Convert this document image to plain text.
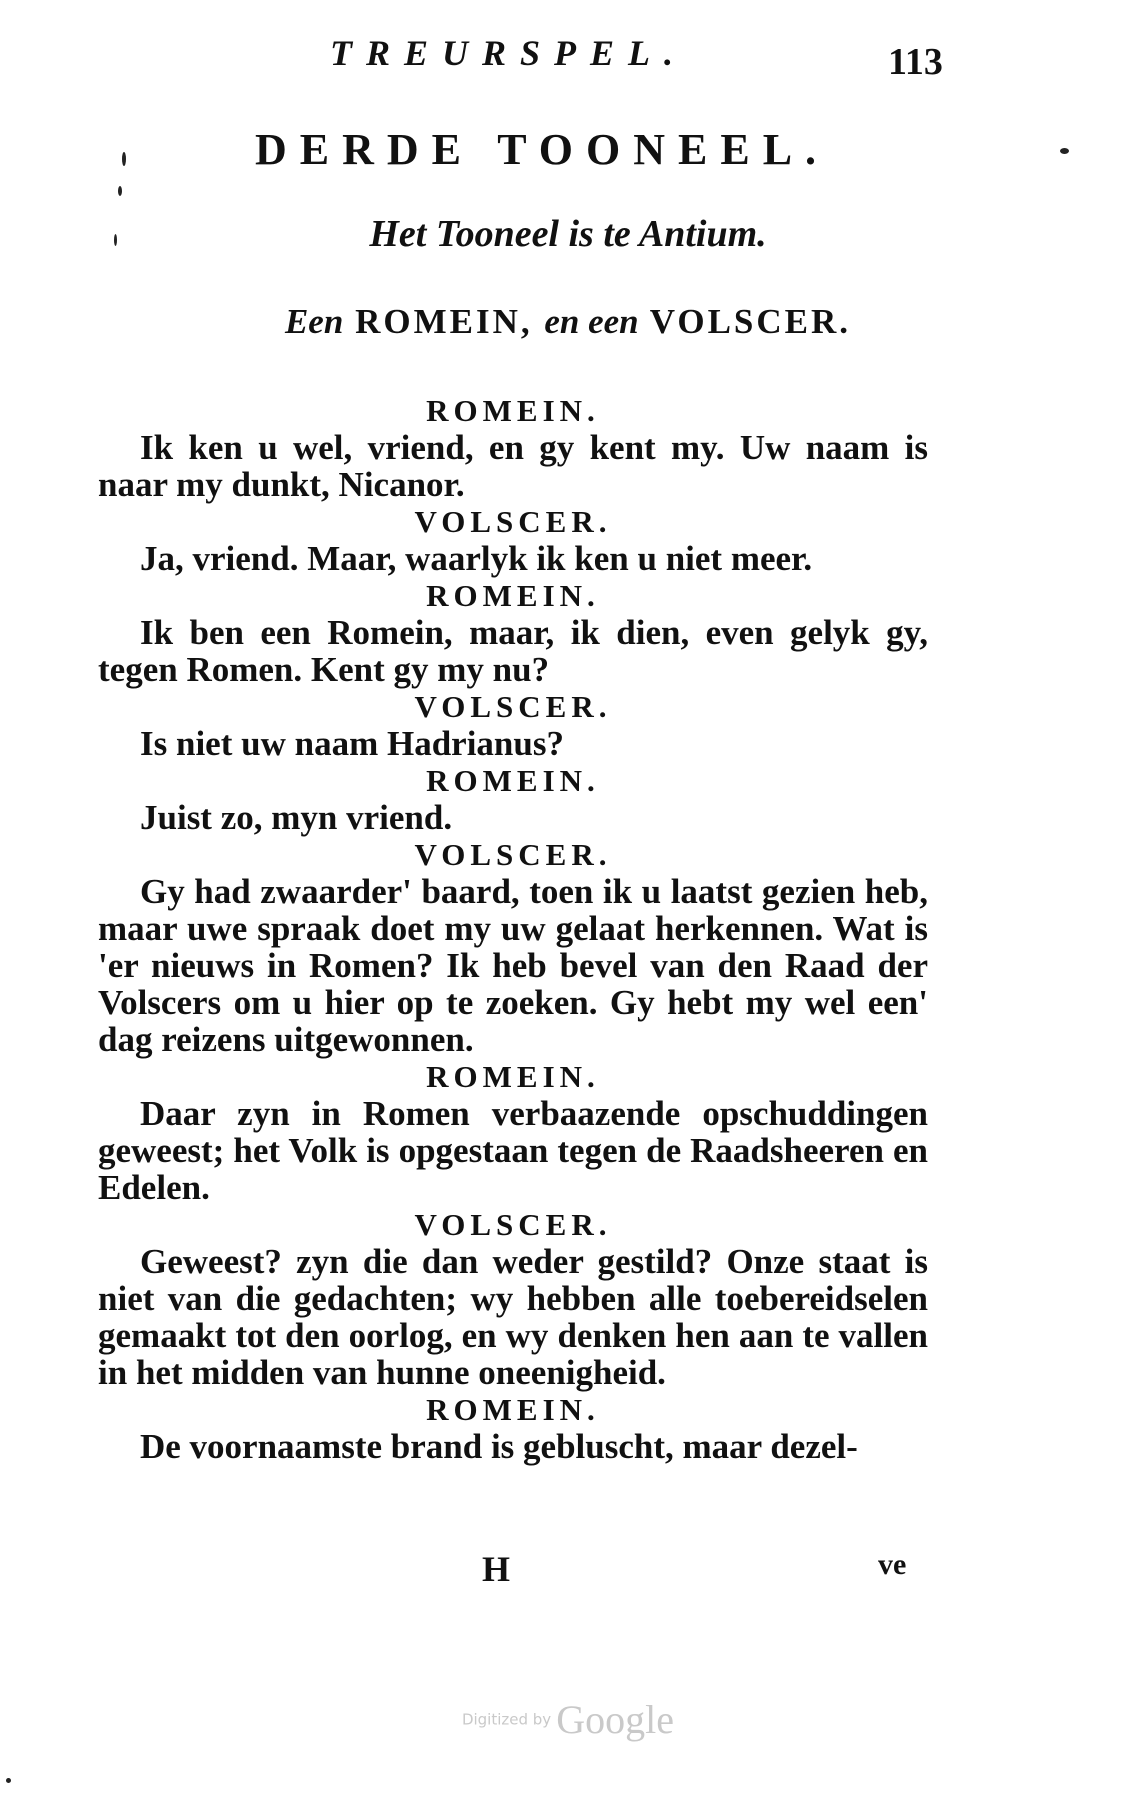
TREURSPEL.	113
DERDE TOONEEL.
Het Tooneel is te Antium.
Een ROMEIN, en een VOLSCER.
ROMEIN.

Ik ken u wel, vriend, en gy kent my. Uw naam is naar my dunkt, Nicanor.

VOLSCER.

Ja, vriend. Maar, waarlyk ik ken u niet meer.

ROMEIN.

Ik ben een Romein, maar, ik dien, even gelyk gy, tegen Romen. Kent gy my nu?

VOLSCER.

Is niet uw naam Hadrianus?

ROMEIN.

Juist zo, myn vriend.

VOLSCER.

Gy had zwaarder' baard, toen ik u laatst gezien heb, maar uwe spraak doet my uw gelaat herkennen. Wat is 'er nieuws in Romen? Ik heb bevel van den Raad der Volscers om u hier op te zoeken. Gy hebt my wel een' dag reizens uitgewonnen.

ROMEIN.

Daar zyn in Romen verbaazende opschuddingen geweest; het Volk is opgestaan tegen de Raadsheeren en Edelen.

VOLSCER.

Geweest? zyn die dan weder gestild? Onze staat is niet van die gedachten; wy hebben alle toebereidselen gemaakt tot den oorlog, en wy denken hen aan te vallen in het midden van hunne oneenigheid.

ROMEIN.

De voornaamste brand is gebluscht, maar dezel-

H	ve
Digitized by Google
